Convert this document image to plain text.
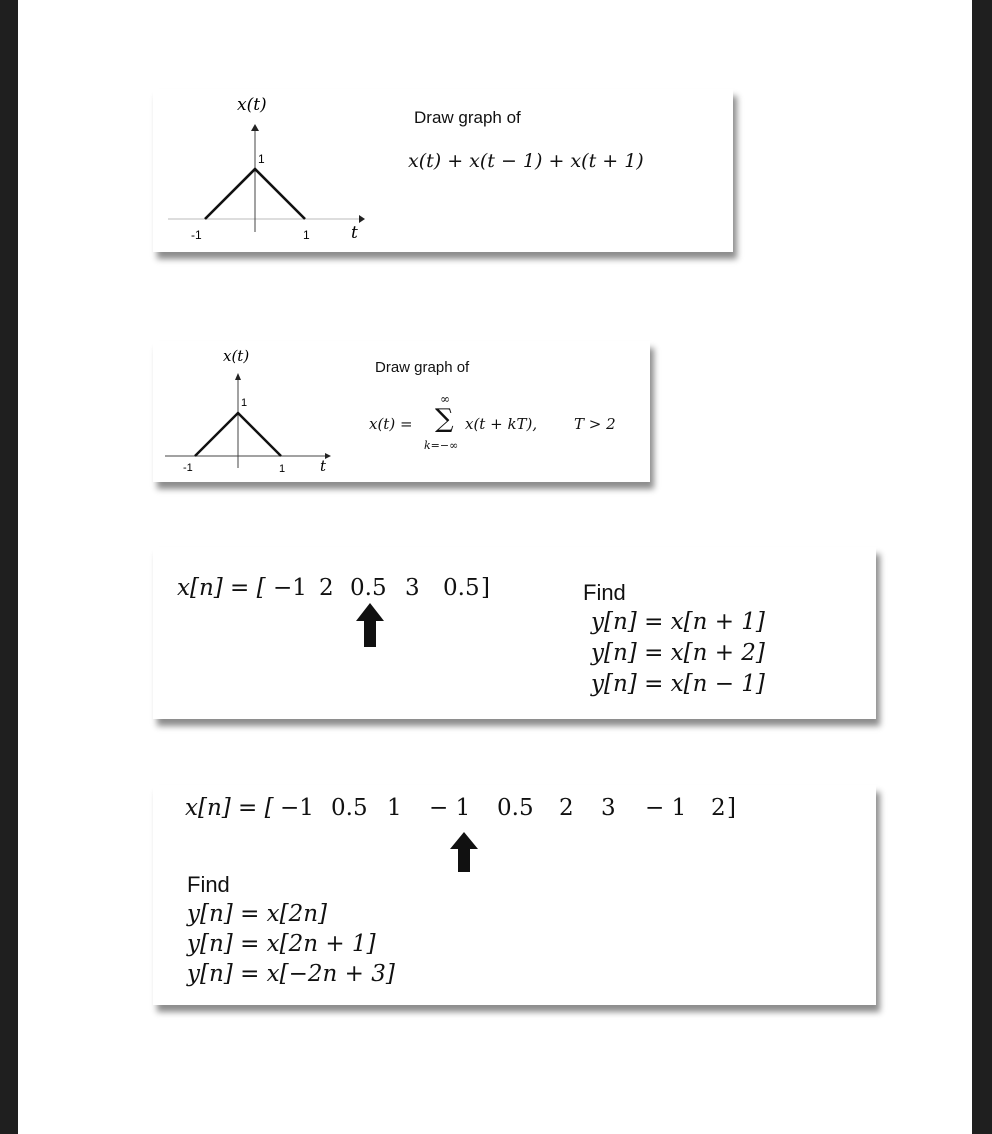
x(t)
1
-1	1 t
Draw graph of
x(t) + x(t − 1) + x(t + 1)
x(t)
1
-1	1 t
Draw graph of
x(t) =
∞
∑
k=−∞
x(t + kT), T > 2
x[n] = [ −1 2 0.5 3 0.5 ]	Find
y[n] = x[n + 1]
y[n] = x[n + 2]
y[n] = x[n − 1]
x[n] = [ −1 0.5 1 − 1 0.5 2 3 − 1 2 ]
Find
y[n] = x[2n]
y[n] = x[2n + 1]
y[n] = x[−2n + 3]
